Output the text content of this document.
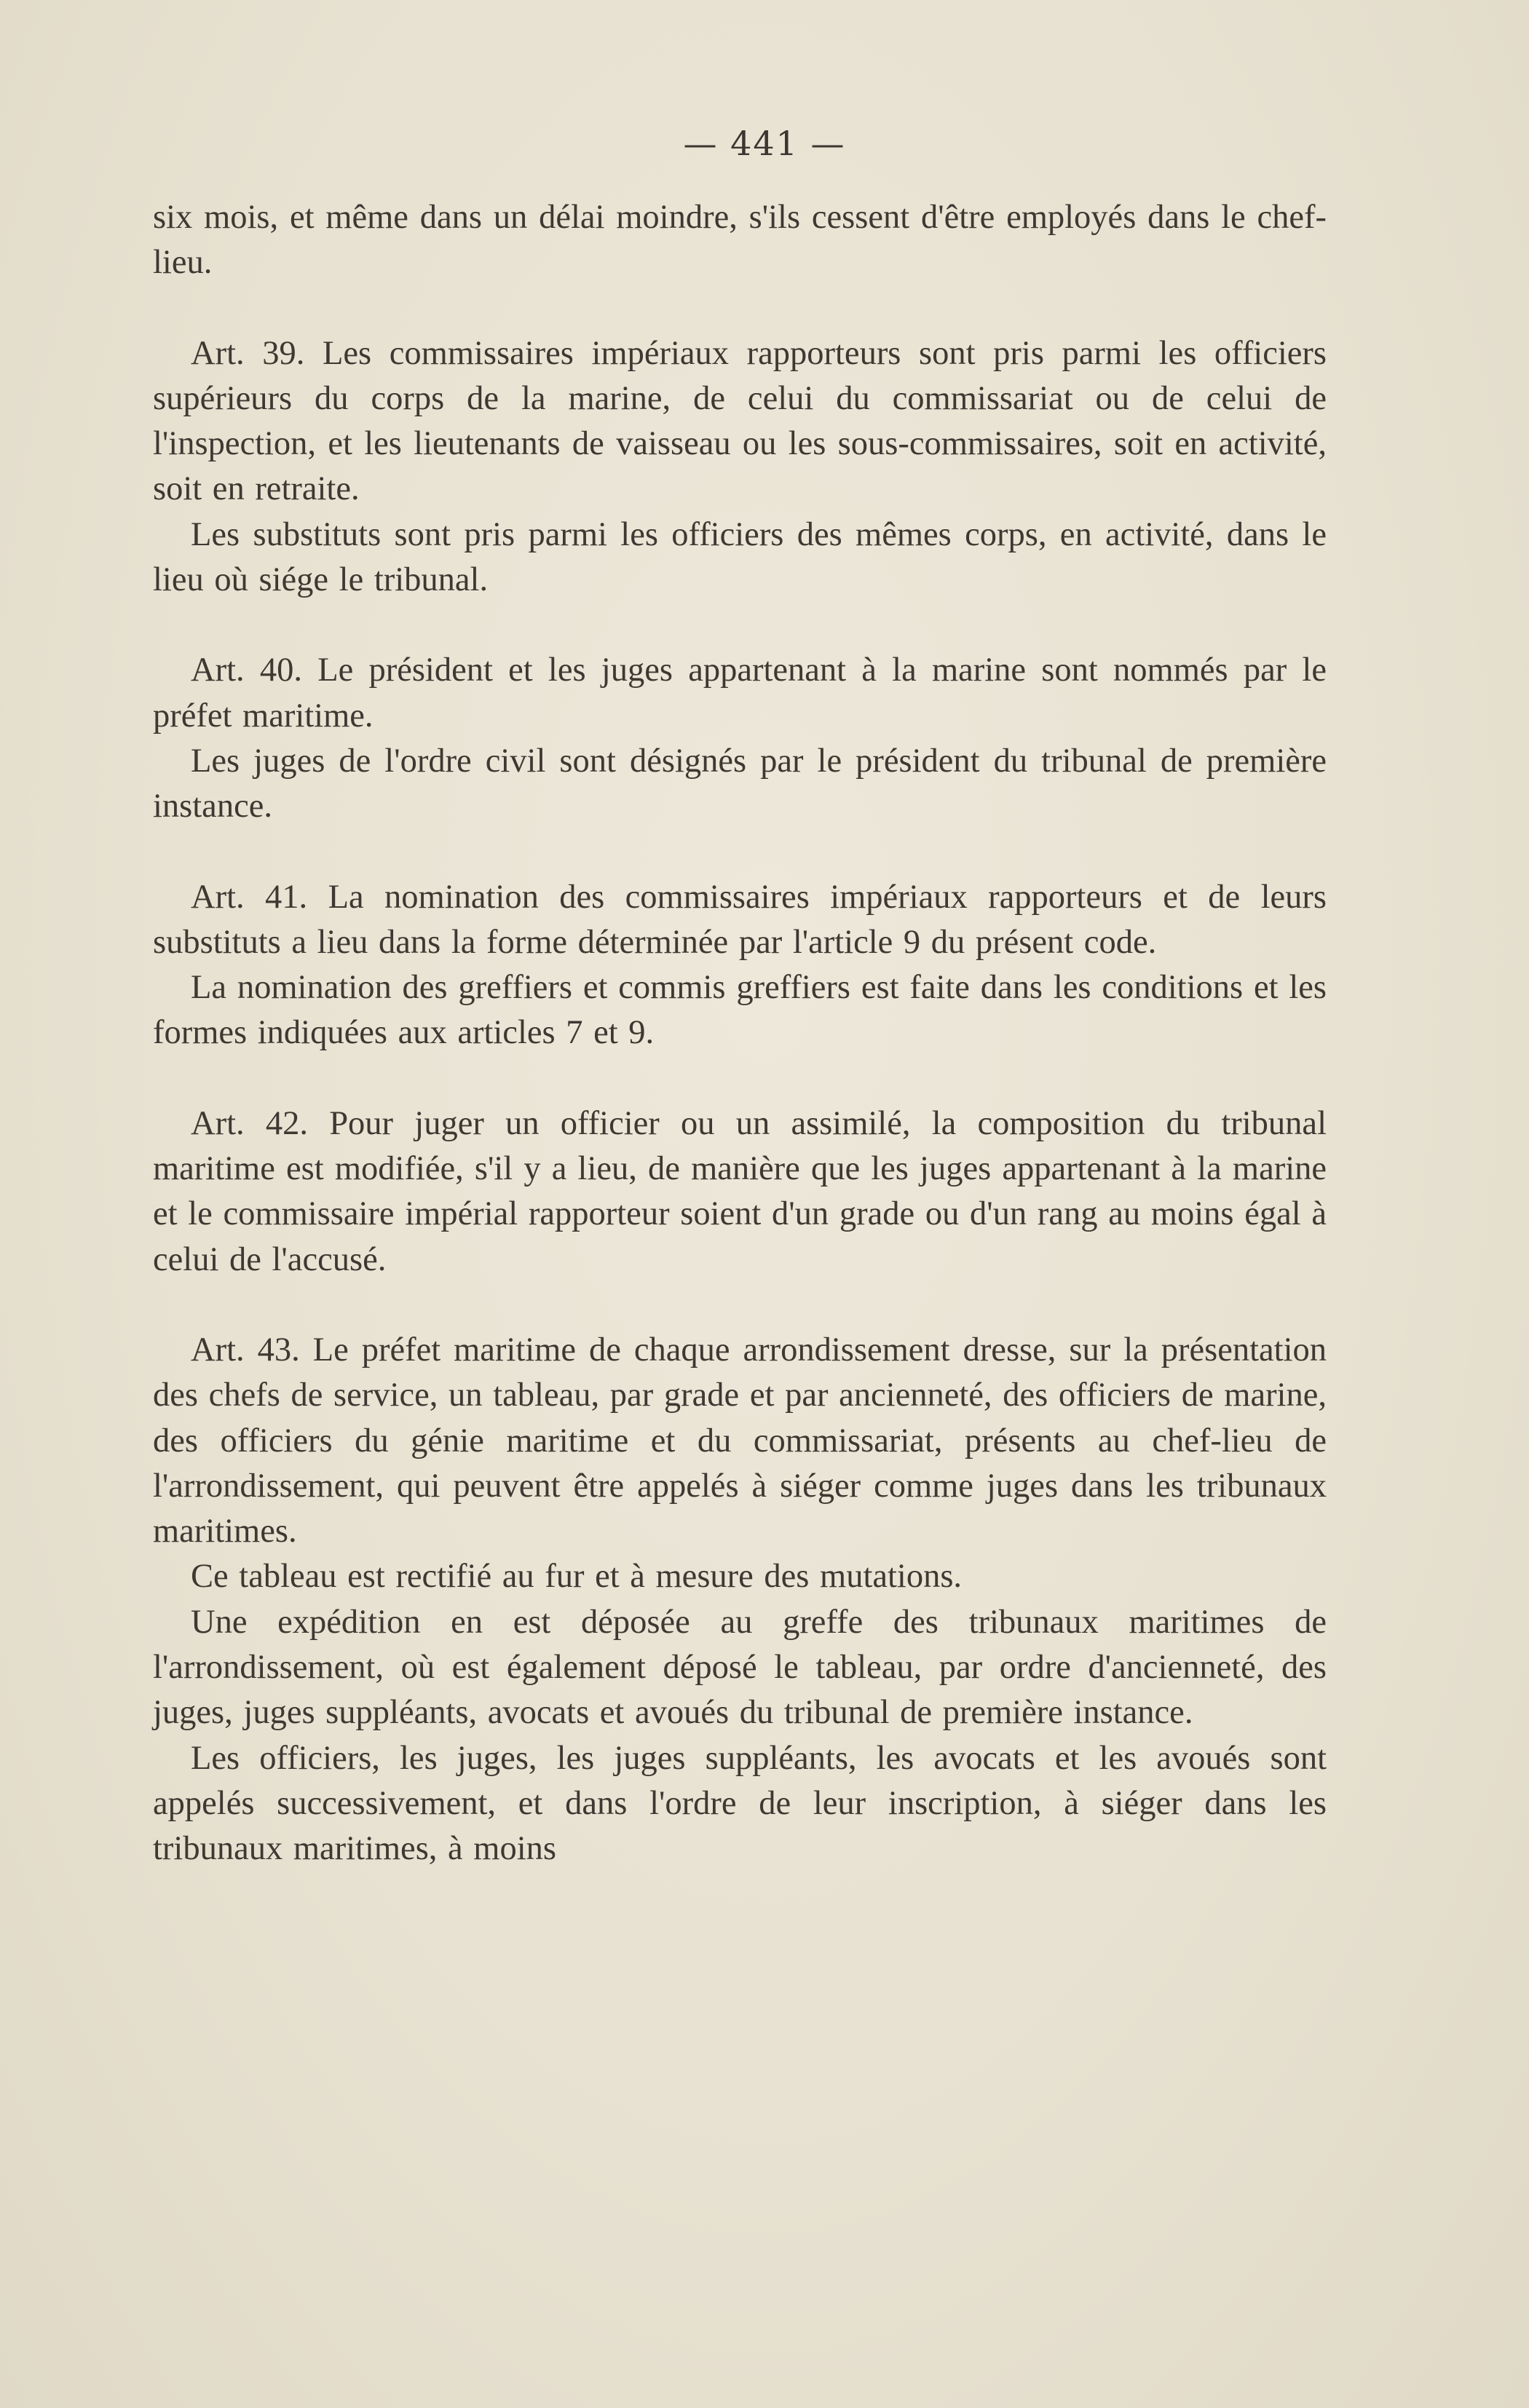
— 441 —

six mois, et même dans un délai moindre, s'ils cessent d'être employés dans le chef-lieu.

Art. 39. Les commissaires impériaux rapporteurs sont pris parmi les officiers supérieurs du corps de la marine, de celui du commissariat ou de celui de l'inspection, et les lieutenants de vaisseau ou les sous-commissaires, soit en activité, soit en retraite.

Les substituts sont pris parmi les officiers des mêmes corps, en activité, dans le lieu où siége le tribunal.

Art. 40. Le président et les juges appartenant à la marine sont nommés par le préfet maritime.

Les juges de l'ordre civil sont désignés par le président du tribunal de première instance.

Art. 41. La nomination des commissaires impériaux rapporteurs et de leurs substituts a lieu dans la forme déterminée par l'article 9 du présent code.

La nomination des greffiers et commis greffiers est faite dans les conditions et les formes indiquées aux articles 7 et 9.

Art. 42. Pour juger un officier ou un assimilé, la composition du tribunal maritime est modifiée, s'il y a lieu, de manière que les juges appartenant à la marine et le commissaire impérial rapporteur soient d'un grade ou d'un rang au moins égal à celui de l'accusé.

Art. 43. Le préfet maritime de chaque arrondissement dresse, sur la présentation des chefs de service, un tableau, par grade et par ancienneté, des officiers de marine, des officiers du génie maritime et du commissariat, présents au chef-lieu de l'arrondissement, qui peuvent être appelés à siéger comme juges dans les tribunaux maritimes.

Ce tableau est rectifié au fur et à mesure des mutations.

Une expédition en est déposée au greffe des tribunaux maritimes de l'arrondissement, où est également déposé le tableau, par ordre d'ancienneté, des juges, juges suppléants, avocats et avoués du tribunal de première instance.

Les officiers, les juges, les juges suppléants, les avocats et les avoués sont appelés successivement, et dans l'ordre de leur inscription, à siéger dans les tribunaux maritimes, à moins
